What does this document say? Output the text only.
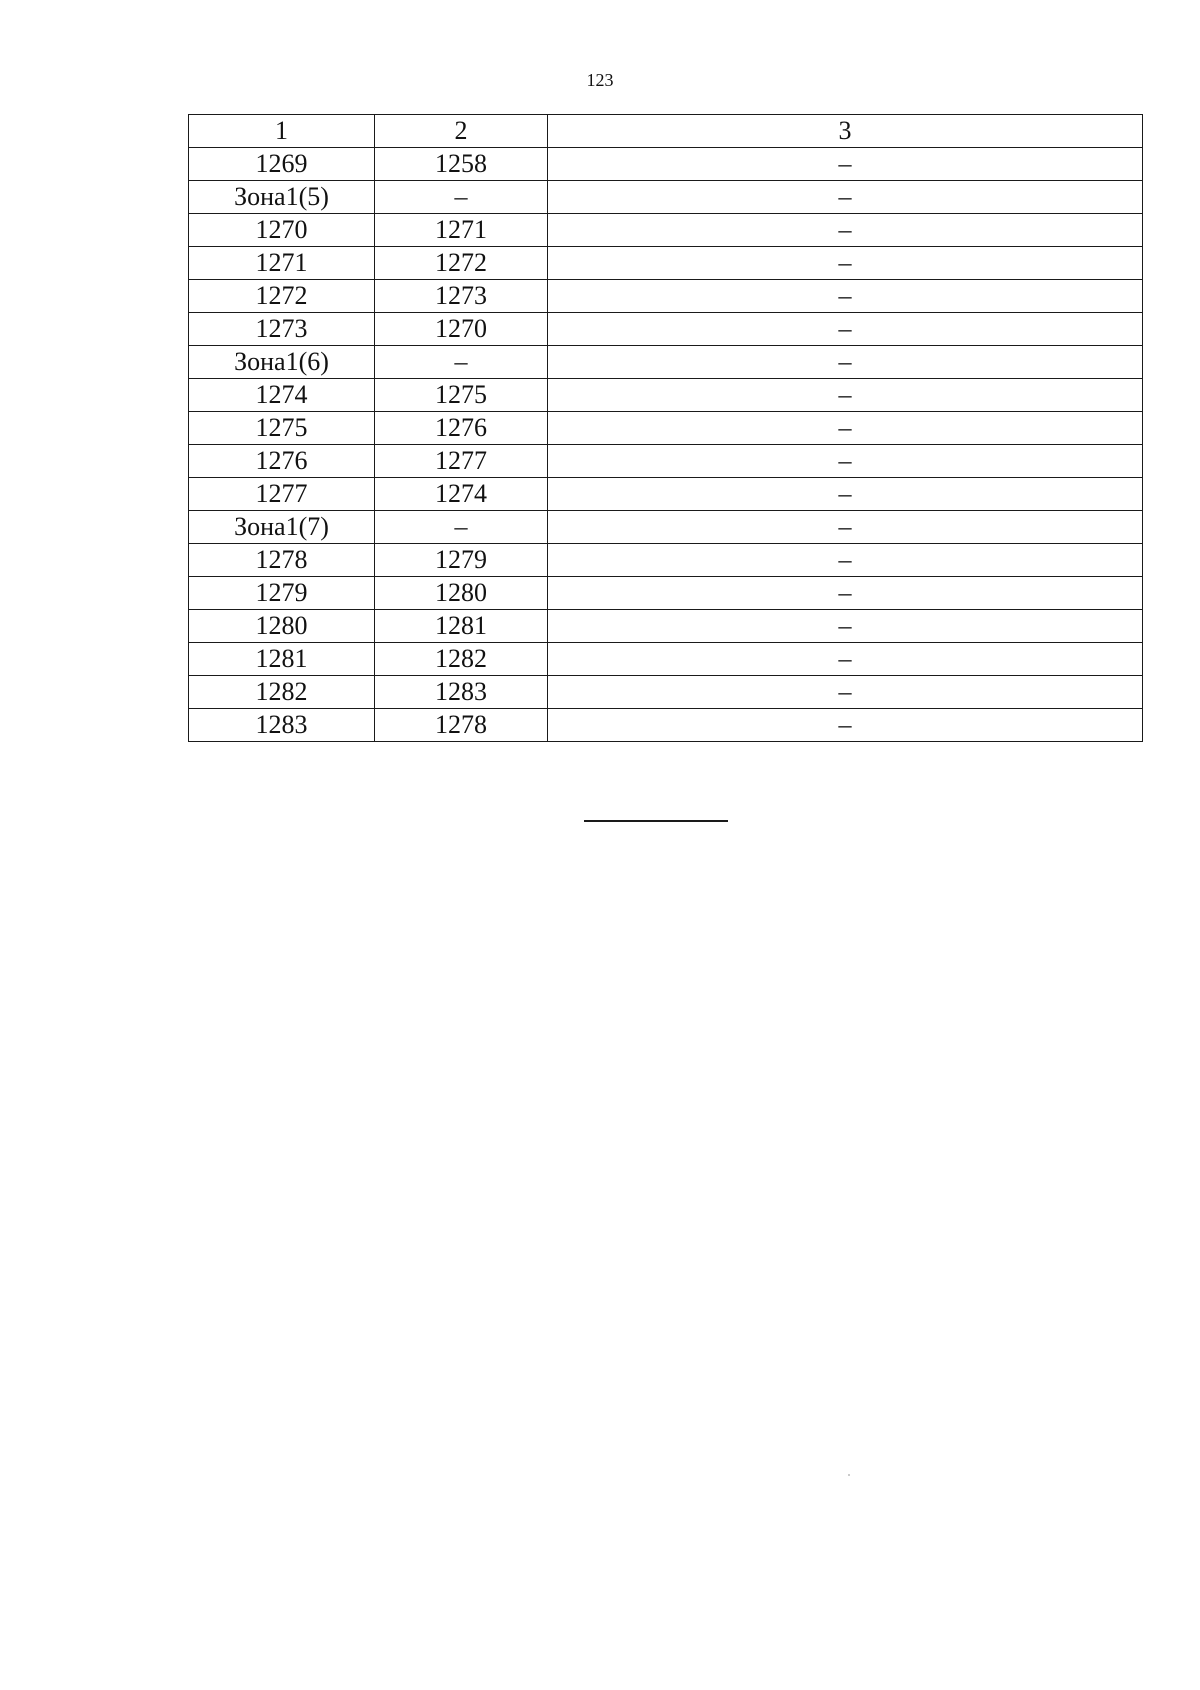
123
1	2	3
1269	1258	–
Зона1(5)	–	–
1270	1271	–
1271	1272	–
1272	1273	–
1273	1270	–
Зона1(6)	–	–
1274	1275	–
1275	1276	–
1276	1277	–
1277	1274	–
Зона1(7)	–	–
1278	1279	–
1279	1280	–
1280	1281	–
1281	1282	–
1282	1283	–
1283	1278	–
